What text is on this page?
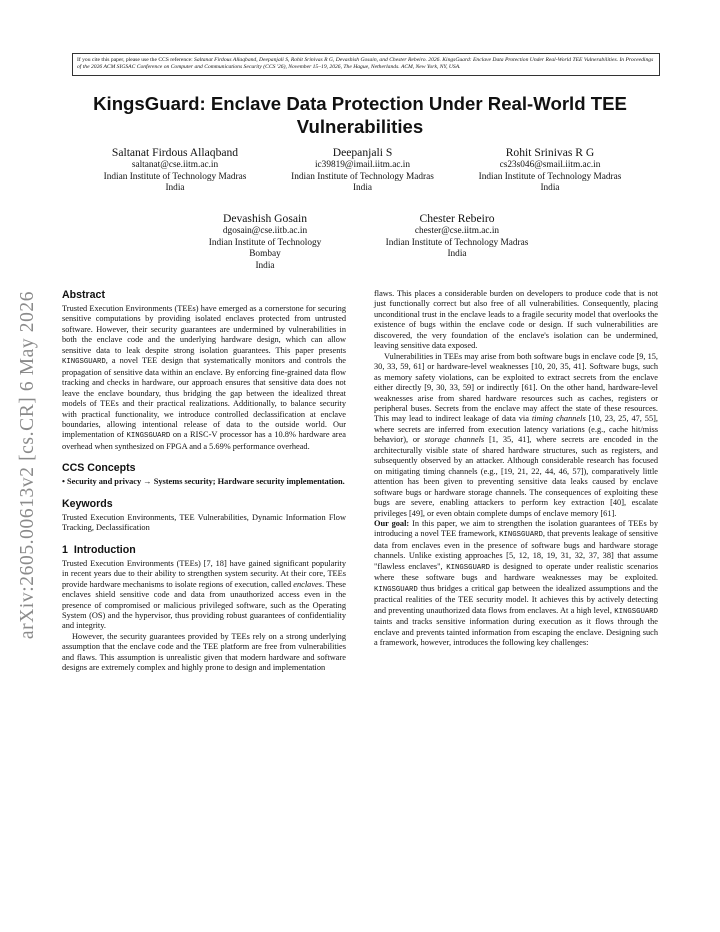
arXiv:2605.00613v2 [cs.CR] 6 May 2026
If you cite this paper, please use the CCS reference: Saltanat Firdous Allaqband, Deepanjali S, Rohit Srinivas R G, Devashish Gosain, and Chester Rebeiro. 2026. KingsGuard: Enclave Data Protection Under Real-World TEE Vulnerabilities. In Proceedings of the 2026 ACM SIGSAC Conference on Computer and Communications Security (CCS '26), November 15–19, 2026, The Hague, Netherlands. ACM, New York, NY, USA.
KingsGuard: Enclave Data Protection Under Real-World TEE Vulnerabilities
Saltanat Firdous Allaqband
saltanat@cse.iitm.ac.in
Indian Institute of Technology Madras
India
Deepanjali S
ic39819@imail.iitm.ac.in
Indian Institute of Technology Madras
India
Rohit Srinivas R G
cs23s046@smail.iitm.ac.in
Indian Institute of Technology Madras
India
Devashish Gosain
dgosain@cse.iitb.ac.in
Indian Institute of Technology
Bombay
India
Chester Rebeiro
chester@cse.iitm.ac.in
Indian Institute of Technology Madras
India
Abstract

Trusted Execution Environments (TEEs) have emerged as a cornerstone for securing sensitive computations by providing isolated enclaves protected from untrusted software. However, their security guarantees are undermined by vulnerabilities in both the enclave code and the underlying hardware design, which can allow sensitive data to leak despite strong isolation guarantees. This paper presents KINGSGUARD, a novel TEE design that systematically monitors and controls the propagation of sensitive data within an enclave. By enforcing fine-grained data flow tracking and checks in hardware, our approach ensures that sensitive data does not leave the enclave boundary, thus bridging the gap between the idealized threat models of TEEs and their practical realizations. Additionally, to balance security with practical functionality, we introduce controlled declassification at enclave boundaries, allowing intentional release of data to the outside world. Our implementation of KINGSGUARD on a RISC-V processor has a 10.8% hardware area overhead when synthesized on FPGA and a 5.69% performance overhead.

CCS Concepts

• Security and privacy → Systems security; Hardware security implementation.

Keywords

Trusted Execution Environments, TEE Vulnerabilities, Dynamic Information Flow Tracking, Declassification

1 Introduction

Trusted Execution Environments (TEEs) [7, 18] have gained significant popularity in recent years due to their ability to strengthen system security. At their core, TEEs provide hardware mechanisms to isolate regions of execution, called enclaves. These enclaves shield sensitive code and data from unauthorized access even in the presence of compromised or malicious privileged software, such as the Operating System (OS) and the hypervisor, thus providing robust guarantees of confidentiality and integrity.

However, the security guarantees provided by TEEs rely on a strong underlying assumption that the enclave code and the TEE platform are free from vulnerabilities and flaws. This assumption is unrealistic given that modern hardware and software designs are extremely complex and highly prone to design and implementation

flaws. This places a considerable burden on developers to produce code that is not just functionally correct but also free of all vulnerabilities. Consequently, placing unconditional trust in the enclave leads to a fragile security model that overlooks the existence of bugs within the enclave code or design. If such vulnerabilities are discovered, the very foundation of the enclave's isolation can be undermined, leaving sensitive data exposed.

Vulnerabilities in TEEs may arise from both software bugs in enclave code [9, 15, 30, 33, 59, 61] or hardware-level weaknesses [10, 20, 35, 41]. Software bugs, such as memory safety violations, can be exploited to extract secrets from the enclave either directly [9, 30, 33, 59] or indirectly [61]. On the other hand, hardware-level weaknesses arise from shared hardware resources such as caches, registers or peripheral buses. Secrets from the enclave may affect the state of these resources. This may lead to indirect leakage of data via timing channels [10, 23, 25, 47, 55], where secrets are inferred from execution latency variations (e.g., cache hit/miss behavior), or storage channels [1, 35, 41], where secrets are encoded in the architecturally visible state of shared hardware structures, such as registers, and subsequently observed by an attacker. Although considerable research has focused on mitigating timing channels (e.g., [19, 21, 22, 44, 46, 57]), comparatively little attention has been given to preventing sensitive data leaks caused by enclave software bugs or hardware storage channels. The consequences of exploiting these bugs are severe, enabling attackers to perform key extraction [40], escalate privileges [49], or even obtain complete dumps of enclave memory [61].

Our goal: In this paper, we aim to strengthen the isolation guarantees of TEEs by introducing a novel TEE framework, KINGSGUARD, that prevents leakage of sensitive data from enclaves even in the presence of software bugs and hardware storage channels. Unlike existing approaches [5, 12, 18, 19, 31, 32, 37, 38] that assume "flawless enclaves", KINGSGUARD is designed to operate under realistic scenarios where these software bugs and hardware weaknesses may be exploited. KINGSGUARD thus bridges a critical gap between the idealized assumptions and the practical realities of the TEE security model. It achieves this by actively detecting and preventing unauthorized data flows from enclaves. At a high level, KINGSGUARD taints and tracks sensitive information during execution as it flows through the enclave and prevents tainted information from escaping the enclave. Designing such a framework, however, introduces the following key challenges:
